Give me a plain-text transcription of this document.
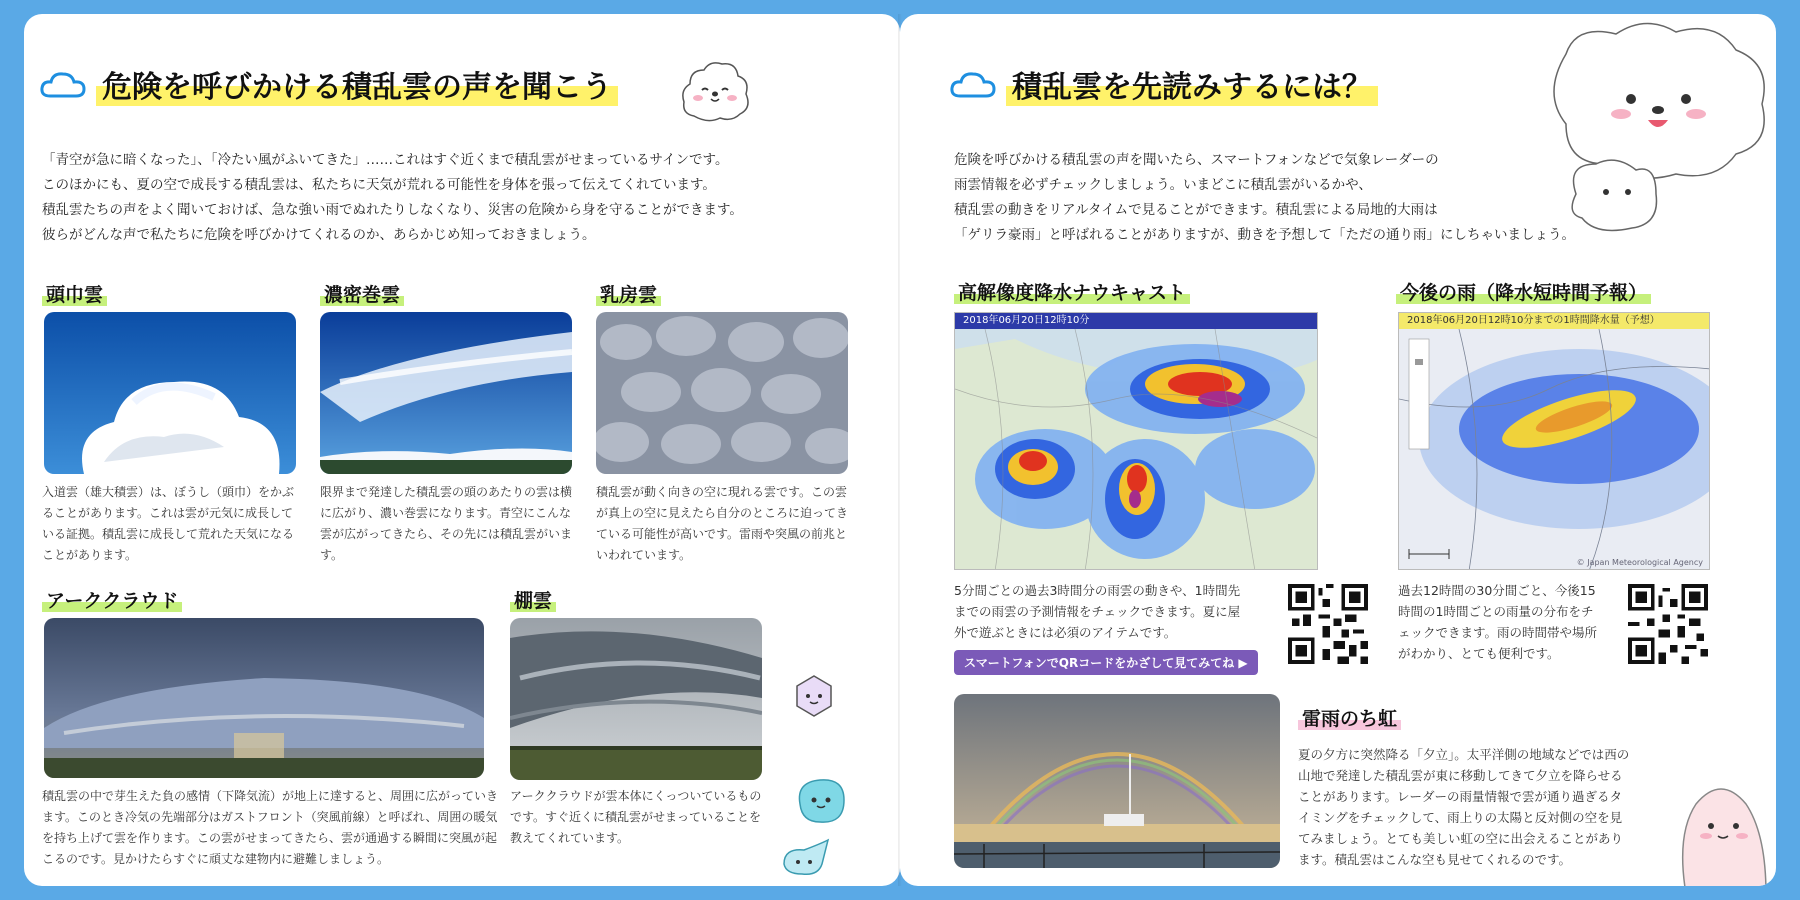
危険を呼びかける積乱雲の声を聞こう

「青空が急に暗くなった」、「冷たい風がふいてきた」……これはすぐ近くまで積乱雲がせまっているサインです。

このほかにも、夏の空で成長する積乱雲は、私たちに天気が荒れる可能性を身体を張って伝えてくれています。

積乱雲たちの声をよく聞いておけば、急な強い雨でぬれたりしなくなり、災害の危険から身を守ることができます。

彼らがどんな声で私たちに危険を呼びかけてくれるのか、あらかじめ知っておきましょう。

頭巾雲
入道雲（雄大積雲）は、ぼうし（頭巾）をかぶることがあります。これは雲が元気に成長している証拠。積乱雲に成長して荒れた天気になることがあります。
濃密巻雲
限界まで発達した積乱雲の頭のあたりの雲は横に広がり、濃い巻雲になります。青空にこんな雲が広がってきたら、その先には積乱雲がいます。
乳房雲
積乱雲が動く向きの空に現れる雲です。この雲が真上の空に見えたら自分のところに迫ってきている可能性が高いです。雷雨や突風の前兆といわれています。
アーククラウド
積乱雲の中で芽生えた負の感情（下降気流）が地上に達すると、周囲に広がっていきます。このとき冷気の先端部分はガストフロント（突風前線）と呼ばれ、周囲の暖気を持ち上げて雲を作ります。この雲がせまってきたら、雲が通過する瞬間に突風が起こるのです。見かけたらすぐに頑丈な建物内に避難しましょう。
棚雲
アーククラウドが雲本体にくっついているものです。すぐ近くに積乱雲がせまっていることを教えてくれています。
積乱雲を先読みするには？

危険を呼びかける積乱雲の声を聞いたら、スマートフォンなどで気象レーダーの

雨雲情報を必ずチェックしましょう。いまどこに積乱雲がいるかや、

積乱雲の動きをリアルタイムで見ることができます。積乱雲による局地的大雨は

「ゲリラ豪雨」と呼ばれることがありますが、動きを予想して「ただの通り雨」にしちゃいましょう。

高解像度降水ナウキャスト
2018年06月20日12時10分
5分間ごとの過去3時間分の雨雲の動きや、1時間先までの雨雲の予測情報をチェックできます。夏に屋外で遊ぶときには必須のアイテムです。
スマートフォンでQRコードをかざして見てみてね ▶
今後の雨（降水短時間予報）
2018年06月20日12時10分までの1時間降水量（予想）
© Japan Meteorological Agency
過去12時間の30分間ごと、今後15時間の1時間ごとの雨量の分布をチェックできます。雨の時間帯や場所がわかり、とても便利です。
雷雨のち虹
夏の夕方に突然降る「夕立」。太平洋側の地域などでは西の山地で発達した積乱雲が東に移動してきて夕立を降らせることがあります。レーダーの雨量情報で雲が通り過ぎるタイミングをチェックして、雨上りの太陽と反対側の空を見てみましょう。とても美しい虹の空に出会えることがあります。積乱雲はこんな空も見せてくれるのです。
